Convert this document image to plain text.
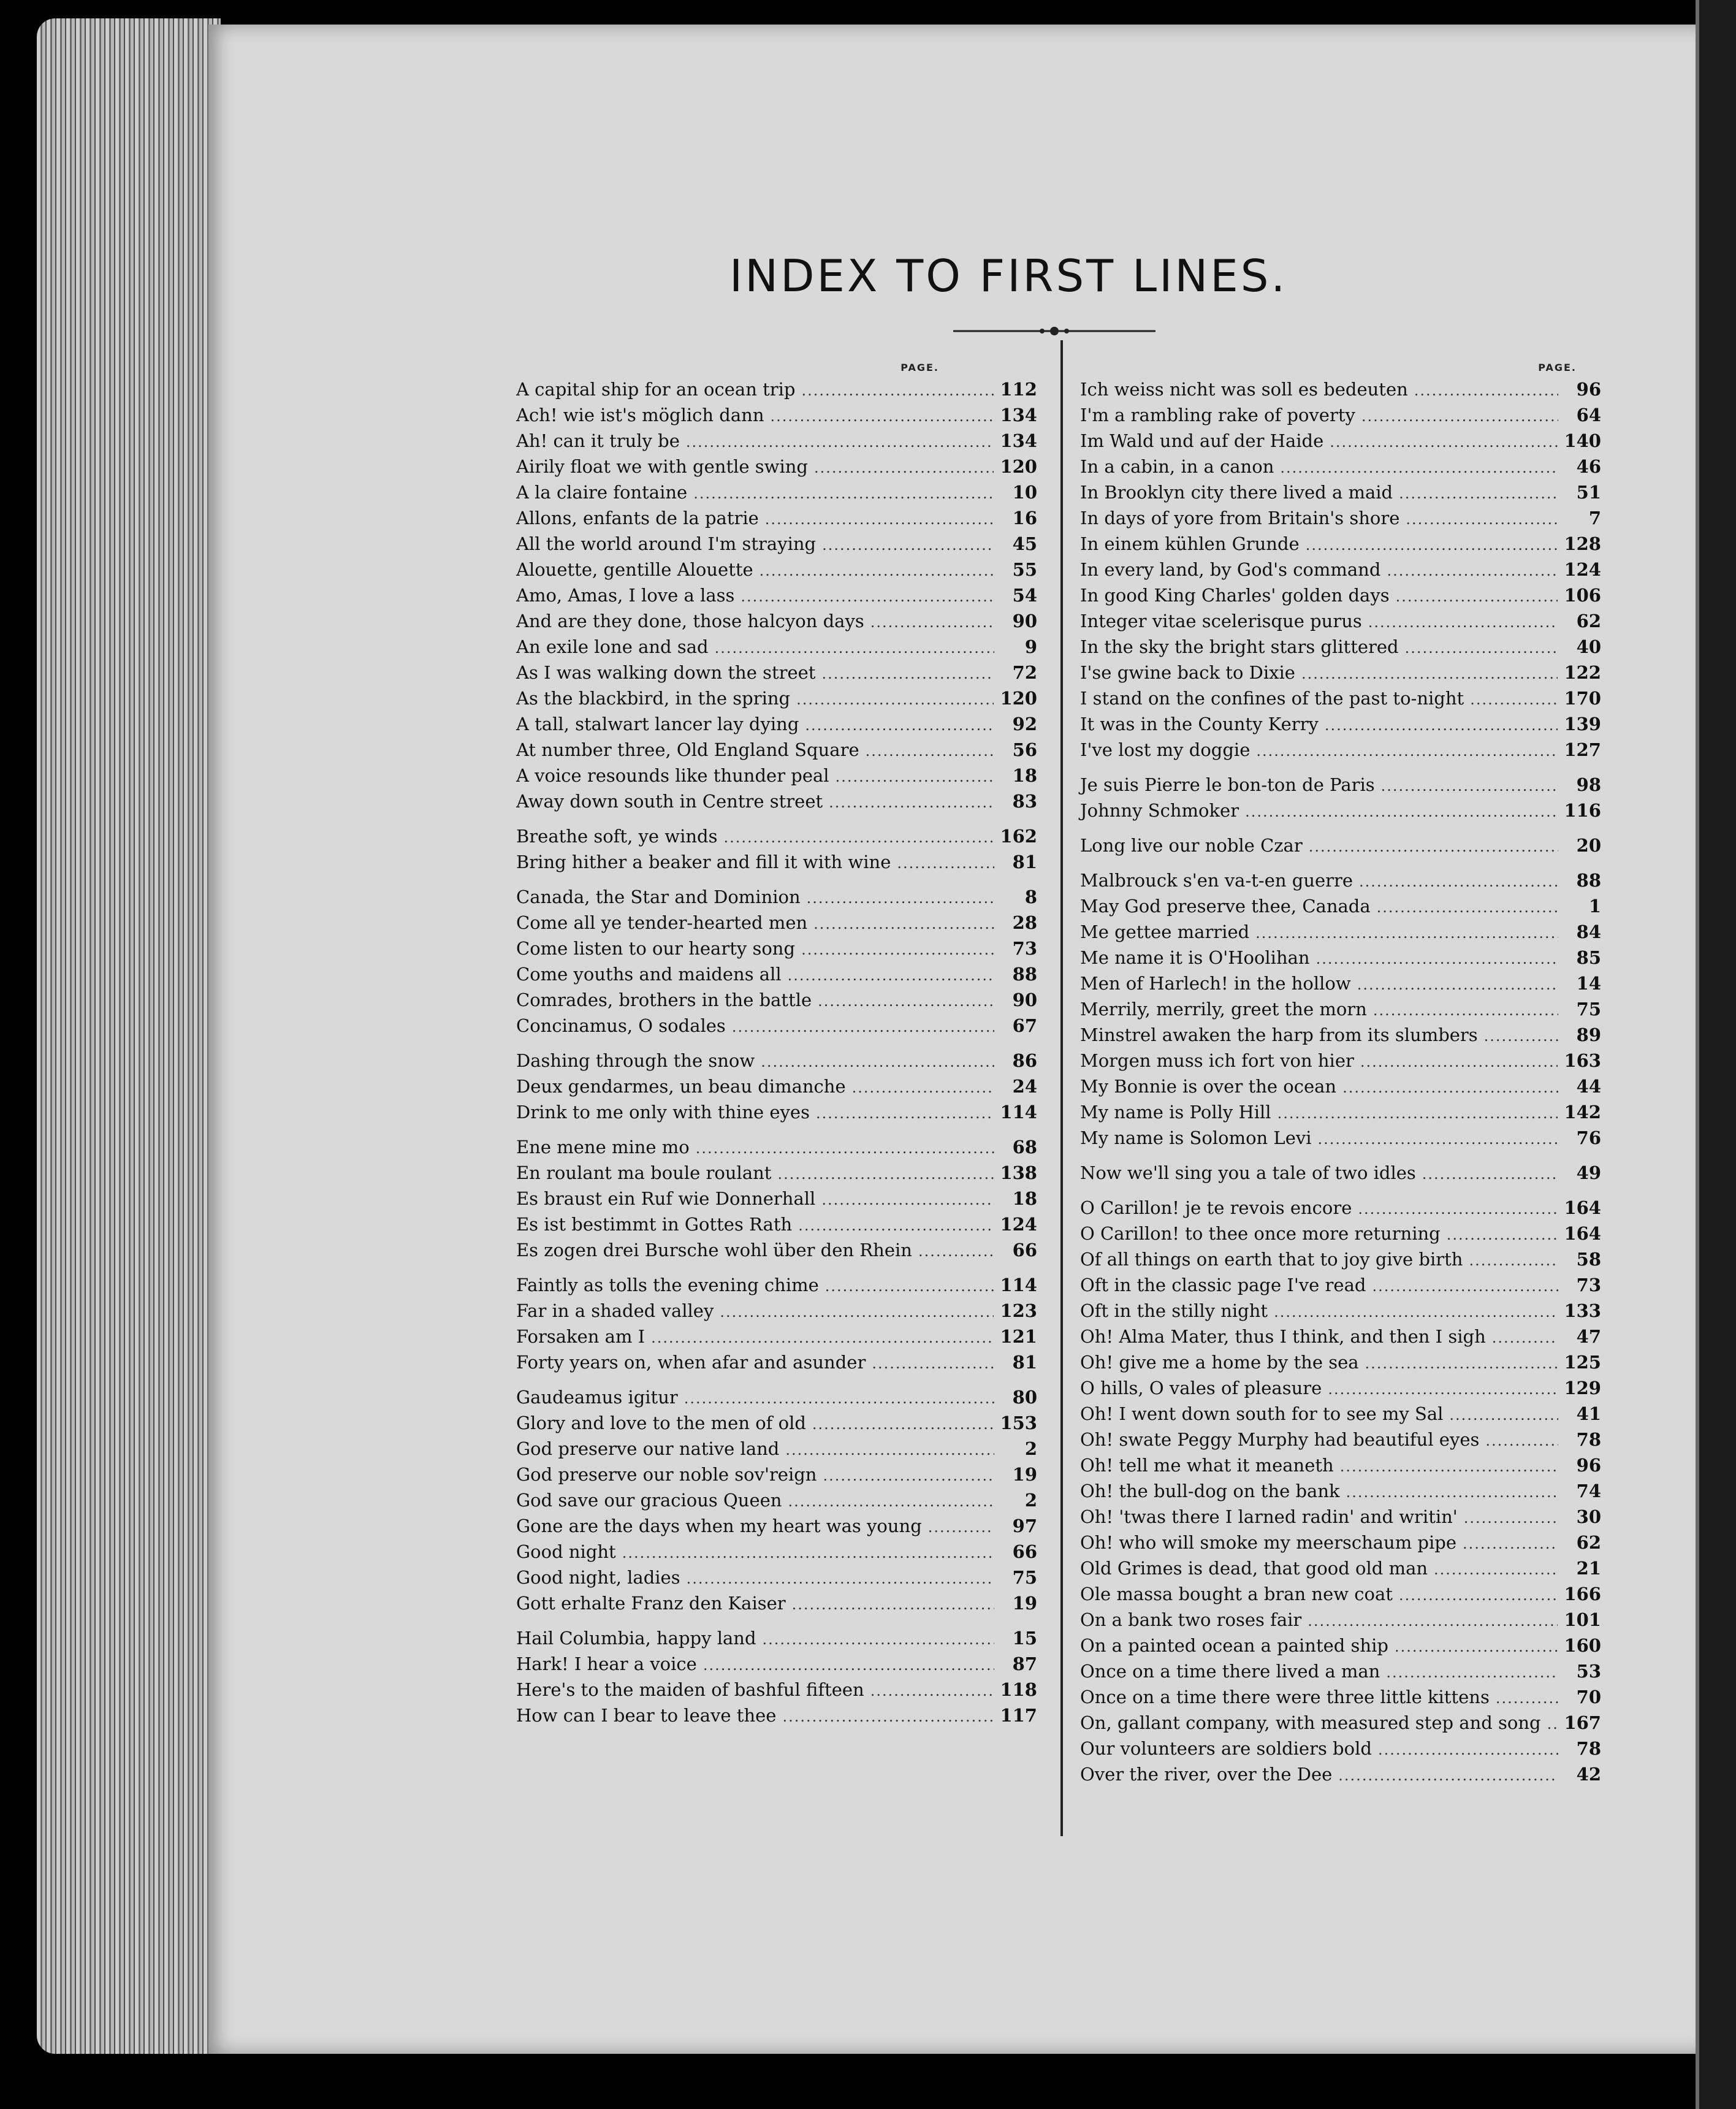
INDEX TO FIRST LINES.
PAGE.
A capital ship for an ocean trip .....	112
Ach! wie ist's möglich dann .....	134
Ah! can it truly be .....	134
Airily float we with gentle swing .....	120
A la claire fontaine .....	10
Allons, enfants de la patrie .....	16
All the world around I'm straying .....	45
Alouette, gentille Alouette .....	55
Amo, Amas, I love a lass .....	54
And are they done, those halcyon days .....	90
An exile lone and sad .....	9
As I was walking down the street .....	72
As the blackbird, in the spring .....	120
A tall, stalwart lancer lay dying .....	92
At number three, Old England Square .....	56
A voice resounds like thunder peal .....	18
Away down south in Centre street .....	83
Breathe soft, ye winds .....	162
Bring hither a beaker and fill it with wine .....	81
Canada, the Star and Dominion .....	8
Come all ye tender-hearted men .....	28
Come listen to our hearty song .....	73
Come youths and maidens all .....	88
Comrades, brothers in the battle .....	90
Concinamus, O sodales .....	67
Dashing through the snow .....	86
Deux gendarmes, un beau dimanche .....	24
Drink to me only with thine eyes .....	114
Ene mene mine mo .....	68
En roulant ma boule roulant .....	138
Es braust ein Ruf wie Donnerhall .....	18
Es ist bestimmt in Gottes Rath .....	124
Es zogen drei Bursche wohl über den Rhein .....	66
Faintly as tolls the evening chime .....	114
Far in a shaded valley .....	123
Forsaken am I .....	121
Forty years on, when afar and asunder .....	81
Gaudeamus igitur .....	80
Glory and love to the men of old .....	153
God preserve our native land .....	2
God preserve our noble sov'reign .....	19
God save our gracious Queen .....	2
Gone are the days when my heart was young .....	97
Good night .....	66
Good night, ladies .....	75
Gott erhalte Franz den Kaiser .....	19
Hail Columbia, happy land .....	15
Hark! I hear a voice .....	87
Here's to the maiden of bashful fifteen .....	118
How can I bear to leave thee .....	117
PAGE.
Ich weiss nicht was soll es bedeuten .....	96
I'm a rambling rake of poverty .....	64
Im Wald und auf der Haide .....	140
In a cabin, in a canon .....	46
In Brooklyn city there lived a maid .....	51
In days of yore from Britain's shore .....	7
In einem kühlen Grunde .....	128
In every land, by God's command .....	124
In good King Charles' golden days .....	106
Integer vitae scelerisque purus .....	62
In the sky the bright stars glittered .....	40
I'se gwine back to Dixie .....	122
I stand on the confines of the past to-night .....	170
It was in the County Kerry .....	139
I've lost my doggie .....	127
Je suis Pierre le bon-ton de Paris .....	98
Johnny Schmoker .....	116
Long live our noble Czar .....	20
Malbrouck s'en va-t-en guerre .....	88
May God preserve thee, Canada .....	1
Me gettee married .....	84
Me name it is O'Hoolihan .....	85
Men of Harlech! in the hollow .....	14
Merrily, merrily, greet the morn .....	75
Minstrel awaken the harp from its slumbers .....	89
Morgen muss ich fort von hier .....	163
My Bonnie is over the ocean .....	44
My name is Polly Hill .....	142
My name is Solomon Levi .....	76
Now we'll sing you a tale of two idles .....	49
O Carillon! je te revois encore .....	164
O Carillon! to thee once more returning .....	164
Of all things on earth that to joy give birth .....	58
Oft in the classic page I've read .....	73
Oft in the stilly night .....	133
Oh! Alma Mater, thus I think, and then I sigh .....	47
Oh! give me a home by the sea .....	125
O hills, O vales of pleasure .....	129
Oh! I went down south for to see my Sal .....	41
Oh! swate Peggy Murphy had beautiful eyes .....	78
Oh! tell me what it meaneth .....	96
Oh! the bull-dog on the bank .....	74
Oh! 'twas there I larned radin' and writin' .....	30
Oh! who will smoke my meerschaum pipe .....	62
Old Grimes is dead, that good old man .....	21
Ole massa bought a bran new coat .....	166
On a bank two roses fair .....	101
On a painted ocean a painted ship .....	160
Once on a time there lived a man .....	53
Once on a time there were three little kittens .....	70
On, gallant company, with measured step and song ..... 167
Our volunteers are soldiers bold .....	78
Over the river, over the Dee .....	42
